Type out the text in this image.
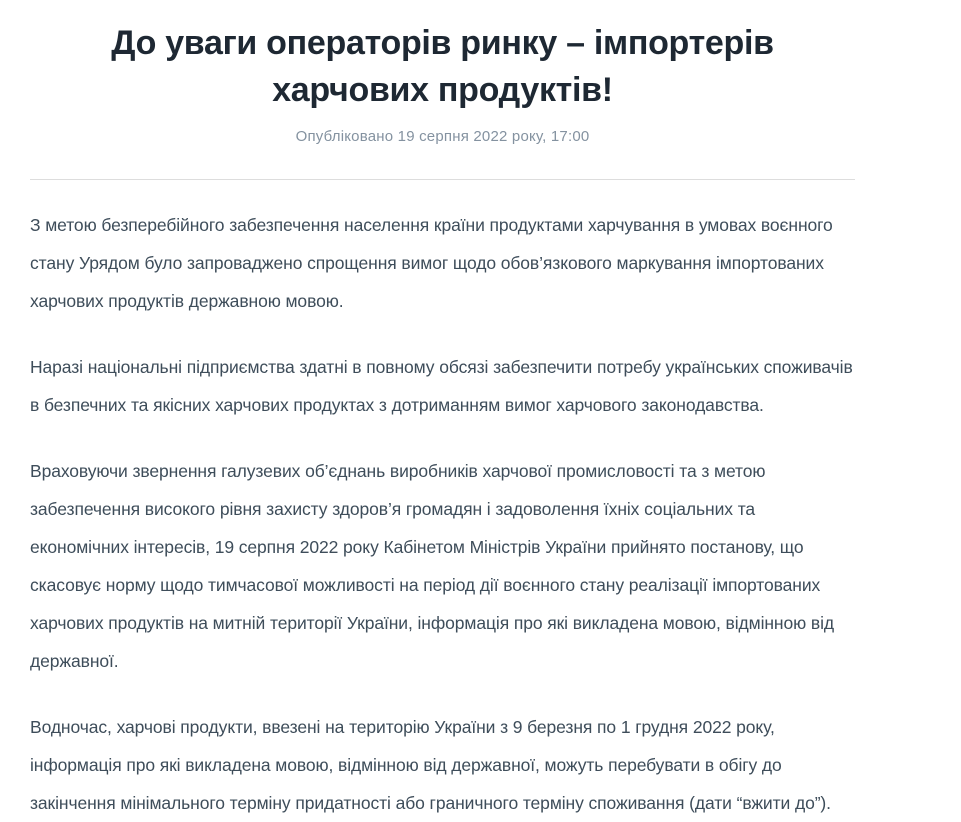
До уваги операторів ринку – імпортерів харчових продуктів!

Опубліковано 19 серпня 2022 року, 17:00

З метою безперебійного забезпечення населення країни продуктами харчування в умовах воєнного стану Урядом було запроваджено спрощення вимог щодо обов’язкового маркування імпортованих харчових продуктів державною мовою.

Наразі національні підприємства здатні в повному обсязі забезпечити потребу українських споживачів в безпечних та якісних харчових продуктах з дотриманням вимог харчового законодавства.

Враховуючи звернення галузевих об’єднань виробників харчової промисловості та з метою забезпечення високого рівня захисту здоров’я громадян і задоволення їхніх соціальних та економічних інтересів, 19 серпня 2022 року Кабінетом Міністрів України прийнято постанову, що скасовує норму щодо тимчасової можливості на період дії воєнного стану реалізації імпортованих харчових продуктів на митній території України, інформація про які викладена мовою, відмінною від державної.

Водночас, харчові продукти, ввезені на територію України з 9 березня по 1 грудня 2022 року, інформація про які викладена мовою, відмінною від державної, можуть перебувати в обігу до закінчення мінімального терміну придатності або граничного терміну споживання (дати “вжити до”).
